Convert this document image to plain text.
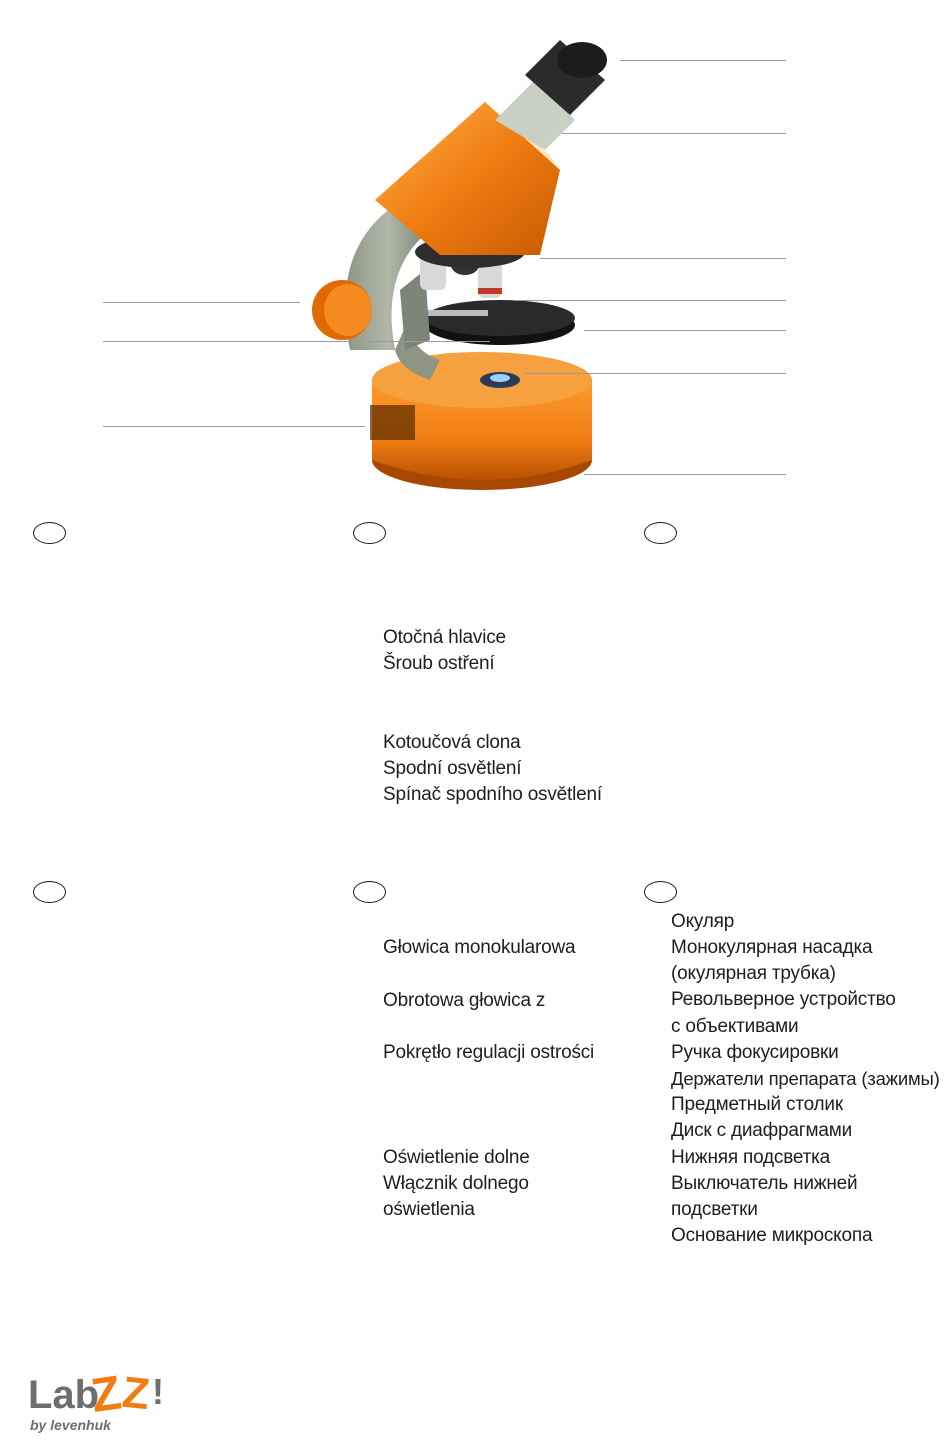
Otočná hlavice
Šroub ostření
Kotoučová clona
Spodní osvětlení
Spínač spodního osvětlení
Głowica monokularowa
Obrotowa głowica z
Pokrętło regulacji ostrości
Oświetlenie dolne
Włącznik dolnego
oświetlenia
Окуляр
Монокулярная насадка
(окулярная трубка)
Револьверное устройство
с объективами
Ручка фокусировки
Держатели препарата (зажимы)
Предметный столик
Диск с диафрагмами
Нижняя подсветка
Выключатель нижней
подсветки
Основание микроскопа
Lab
Z
Z !
by levenhuk
